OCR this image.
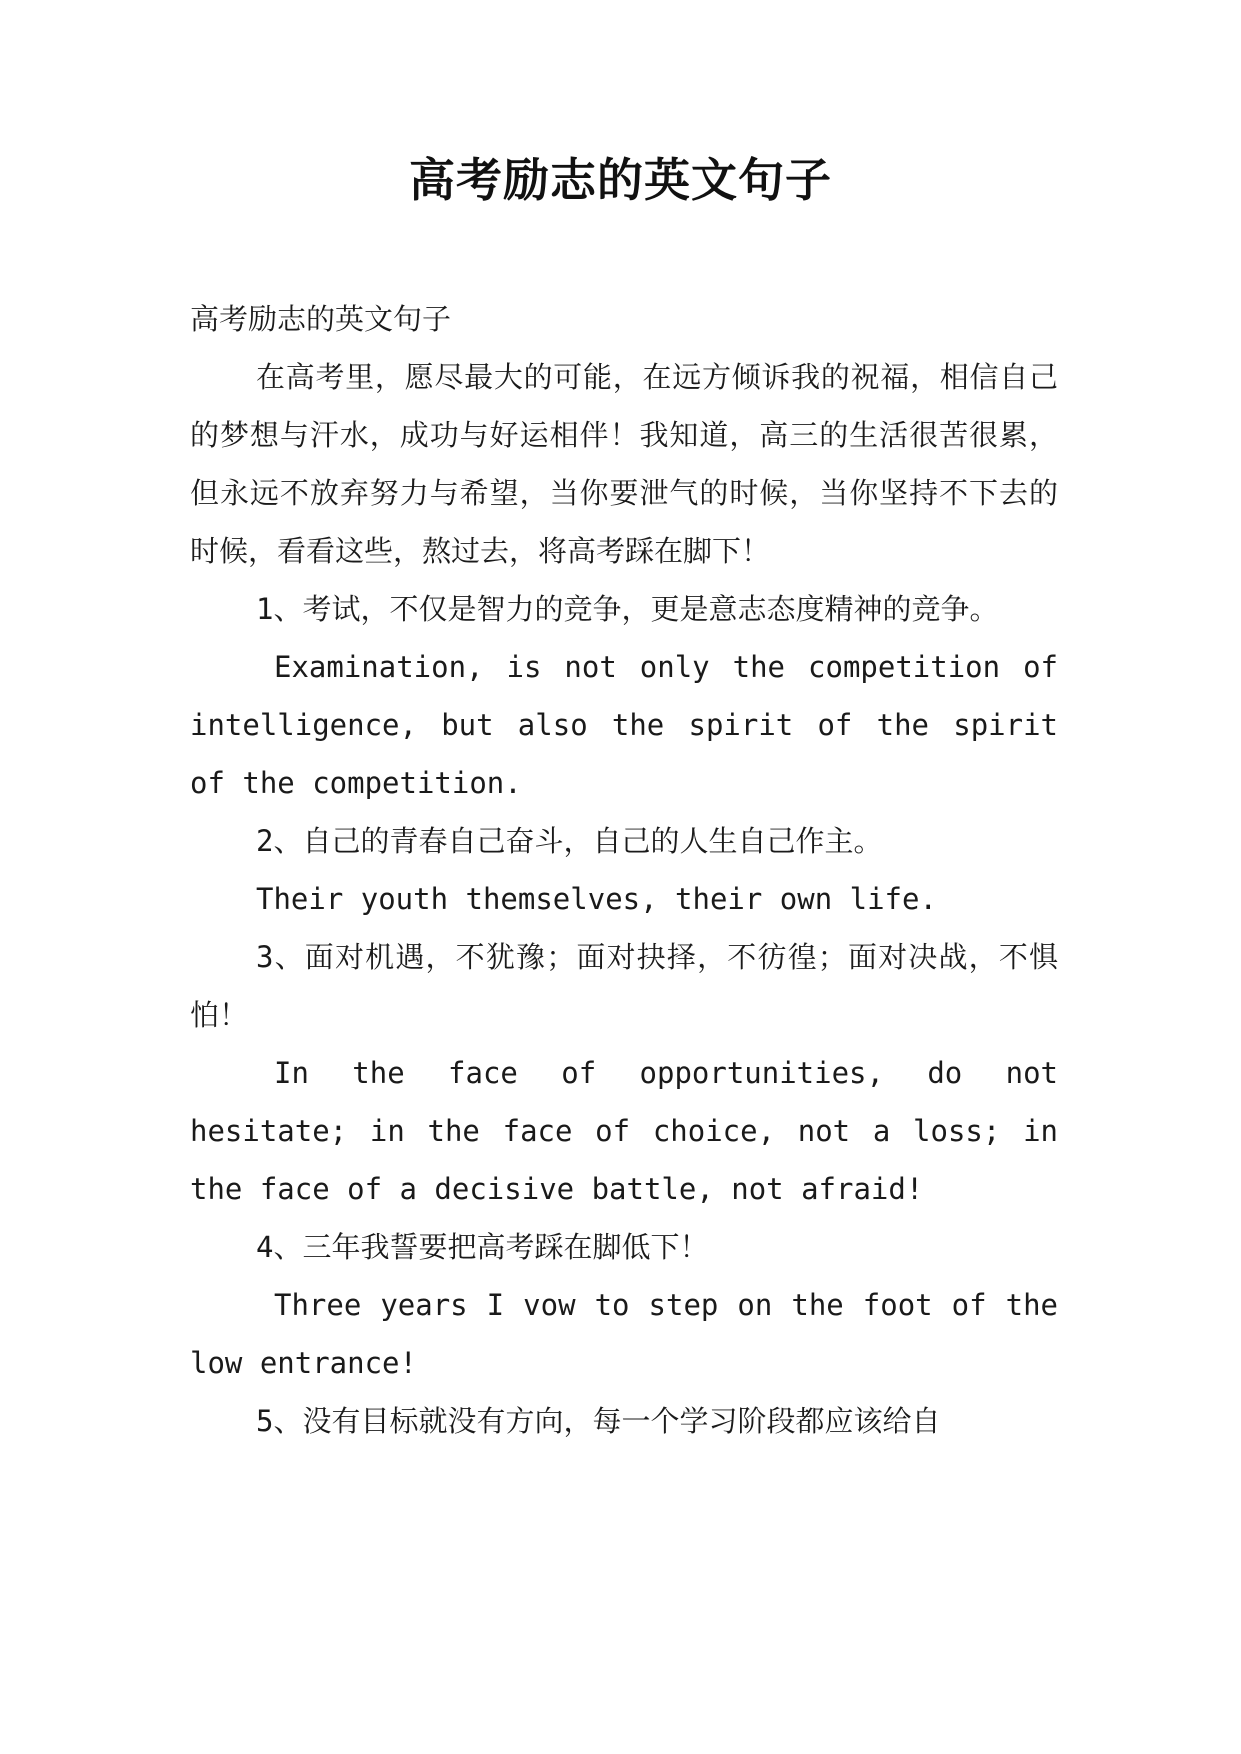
高考励志的英文句子

高考励志的英文句子

在高考里，愿尽最大的可能，在远方倾诉我的祝福，相信自己的梦想与汗水，成功与好运相伴！我知道，高三的生活很苦很累，但永远不放弃努力与希望，当你要泄气的时候，当你坚持不下去的时候，看看这些，熬过去，将高考踩在脚下！

1、考试，不仅是智力的竞争，更是意志态度精神的竞争。

Examination, is not only the competition of intelligence, but also the spirit of the spirit of the competition.

2、自己的青春自己奋斗，自己的人生自己作主。

Their youth themselves, their own life.

3、面对机遇，不犹豫；面对抉择，不彷徨；面对决战，不惧怕！

In the face of opportunities, do not hesitate; in the face of choice, not a loss; in the face of a decisive battle, not afraid!

4、三年我誓要把高考踩在脚低下！

Three years I vow to step on the foot of the low entrance!

5、没有目标就没有方向，每一个学习阶段都应该给自
